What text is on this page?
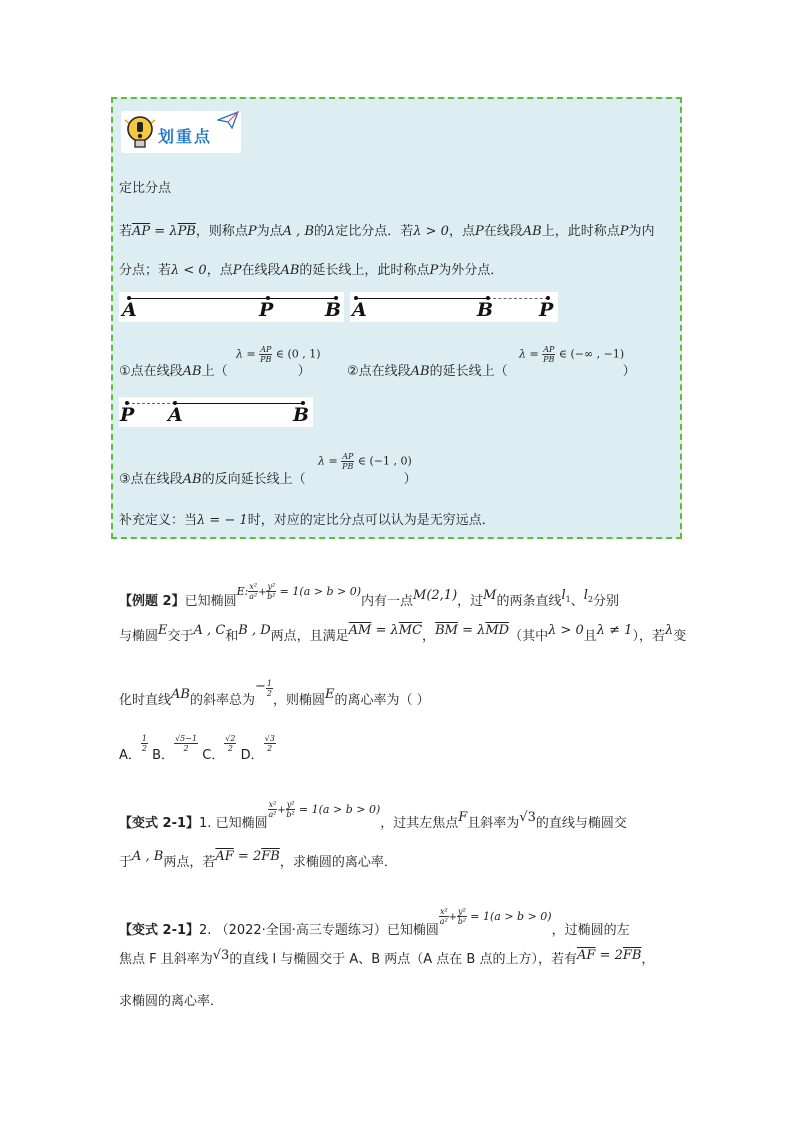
划重点
定比分点
若$\overline{AP} = \lambda\overline{PB}$，则称点P为点A , B的λ定比分点．若λ > 0，点P在线段AB上，此时称点P为内
分点；若λ < 0，点P在线段AB的延长线上，此时称点P为外分点．
A	P	B A	B P
①点在线段AB上（	）
$\lambda = \frac{AP}{PB}$ ∈ (0 , 1)
②点在线段AB的延长线上（	）
$\lambda = \frac{AP}{PB}$ ∈ (−∞ , −1)
P A	B
③点在线段AB的反向延长线上（	）
$\lambda = \frac{AP}{PB}$ ∈ (−1 , 0)
补充定义：当λ = − 1时，对应的定比分点可以认为是无穷远点．
【例题 2】已知椭圆$^{E:} \frac{\text{x²}}{\text{a²}} ^+ \frac{\text{y²}}{\text{b²}} ^{= 1(a > b > 0)}$内有一点M(2,1)，过M的两条直线$l^1$、$l^2$分别
与椭圆E交于A , C和B , D两点，且满足$\overline{AM} = \lambda\overline{MC}$，$\overline{BM} = \lambda\overline{MD}$（其中λ > 0且λ ≠ 1），若λ变
化时直线AB的斜率总为− $\frac{1}{2}$
，则椭圆E的离心率为（ ）
A．
$\frac{1}{2}$
B．
$\frac{√5-1}{2}$
C．
$\frac{√2}{2}$
D．
$\frac{√3}{2}$
【变式 2-1】1. 已知椭圆
$\frac{\text{x²}}{\text{a²}} ^+ \frac{\text{y²}}{\text{b²}} ^{= 1(a > b > 0)}$，过其左焦点F且斜率为√3的直线与椭圆交
于A , B两点，若$\overline{AF} = 2\overline{FB}$，求椭圆的离心率．
【变式 2-1】2. （2022·全国·高三专题练习）已知椭圆
$\frac{\text{x²}}{\text{a²}} ^+ \frac{\text{y²}}{\text{b²}} ^{= 1(a > b > 0)}$，过椭圆的左
焦点 F 且斜率为√3的直线 l 与椭圆交于 A、B 两点（A 点在 B 点的上方），若有$\overline{AF} = 2\overline{FB}$，
求椭圆的离心率．
